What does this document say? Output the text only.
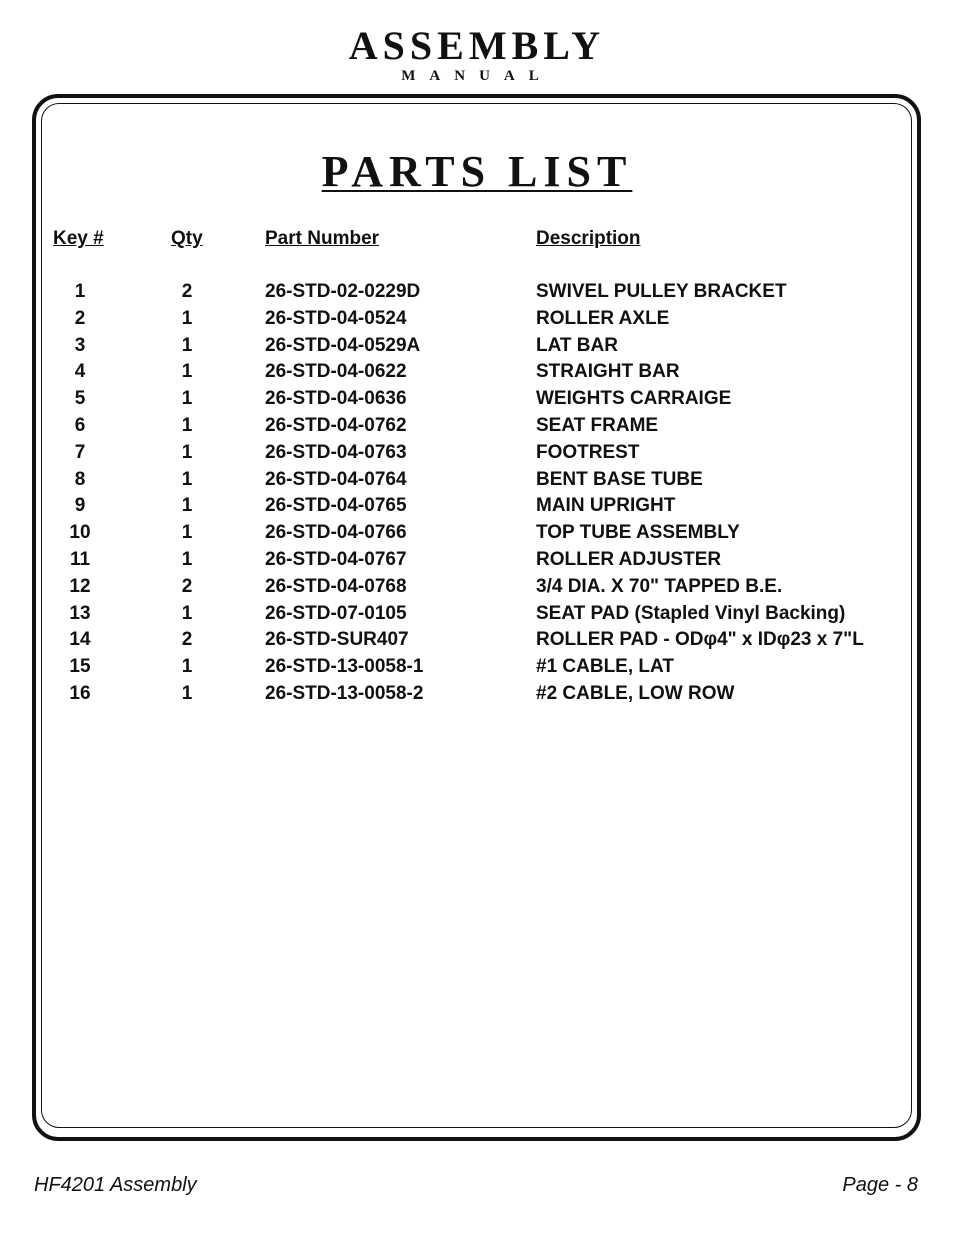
ASSEMBLY
MANUAL
PARTS LIST
Key #	Qty	Part Number	Description
1	2	26-STD-02-0229D	SWIVEL PULLEY BRACKET
2	1	26-STD-04-0524	ROLLER AXLE
3	1	26-STD-04-0529A	LAT BAR
4	1	26-STD-04-0622	STRAIGHT BAR
5	1	26-STD-04-0636	WEIGHTS CARRAIGE
6	1	26-STD-04-0762	SEAT FRAME
7	1	26-STD-04-0763	FOOTREST
8	1	26-STD-04-0764	BENT BASE TUBE
9	1	26-STD-04-0765	MAIN UPRIGHT
10	1	26-STD-04-0766	TOP TUBE ASSEMBLY
11	1	26-STD-04-0767	ROLLER ADJUSTER
12	2	26-STD-04-0768	3/4 DIA. X 70" TAPPED B.E.
13	1	26-STD-07-0105	SEAT PAD (Stapled Vinyl Backing)
14	2	26-STD-SUR407	ROLLER PAD - ODφ4" x IDφ23 x 7"L
15	1	26-STD-13-0058-1	#1 CABLE, LAT
16	1	26-STD-13-0058-2	#2 CABLE, LOW ROW
HF4201 Assembly	Page - 8
